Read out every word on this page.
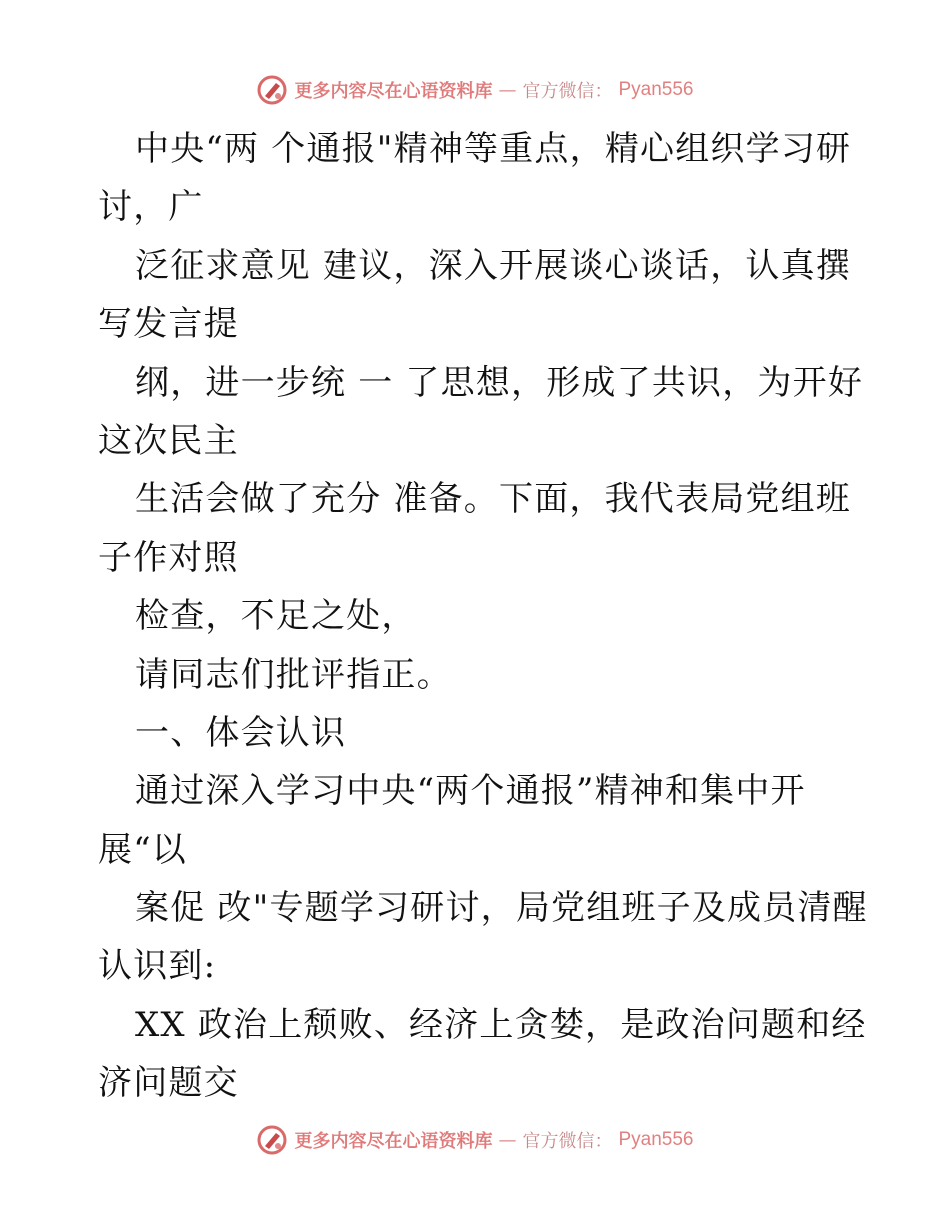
更多内容尽在心语资料库 — 官方微信： Pyan556
中央“两 个通报"精神等重点，精心组织学习研
讨，广
泛征求意见 建议，深入开展谈心谈话，认真撰
写发言提
纲，进一步统 一 了思想，形成了共识，为开好
这次民主
生活会做了充分 准备。下面，我代表局党组班
子作对照
检查，不足之处，
请同志们批评指正。
一、体会认识
通过深入学习中央“两个通报”精神和集中开
展“以
案促 改"专题学习研讨，局党组班子及成员清醒
认识到:
XX 政治上颓败、经济上贪婪，是政治问题和经
济问题交
更多内容尽在心语资料库 — 官方微信： Pyan556
